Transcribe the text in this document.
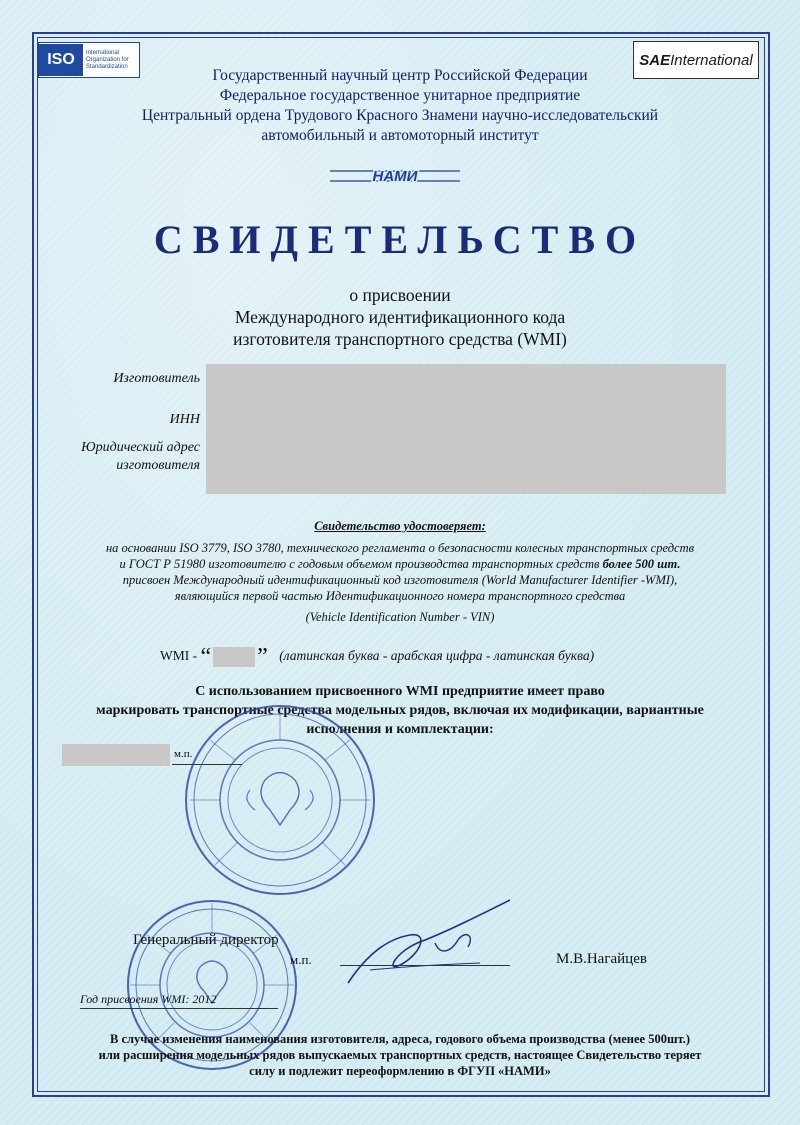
ISO	International
Organization for
Standardization	SAE International
Государственный научный центр Российской Федерации
Федеральное государственное унитарное предприятие
Центральный ордена Трудового Красного Знамени научно-исследовательский
автомобильный и автомоторный институт
НАМИ
СВИДЕТЕЛЬСТВО
о присвоении
Международного идентификационного кода
изготовителя транспортного средства (WMI)
Изготовитель
ИНН
Юридический адрес
изготовителя
Свидетельство удостоверяет:
на основании ISO 3779, ISO 3780, технического регламента о безопасности колесных транспортных средств
и ГОСТ Р 51980 изготовителю с годовым объемом производства транспортных средств более 500 шт.
присвоен Международный идентификационный код изготовителя (World Manufacturer Identifier -WMI),
являющийся первой частью Идентификационного номера транспортного средства
(Vehicle Identification Number - VIN)
WMI - “ ” (латинская буква - арабская цифра - латинская буква)
С использованием присвоенного WMI предприятие имеет право
маркировать транспортные средства модельных рядов, включая их модификации, вариантные
исполнения и комплектации:
м.п.
Генеральный директор
м.п.	М.В.Нагайцев
Год присвоения WMI: 2012
В случае изменения наименования изготовителя, адреса, годового объема производства (менее 500шт.)
или расширения модельных рядов выпускаемых транспортных средств, настоящее Свидетельство теряет
силу и подлежит переоформлению в ФГУП «НАМИ»
